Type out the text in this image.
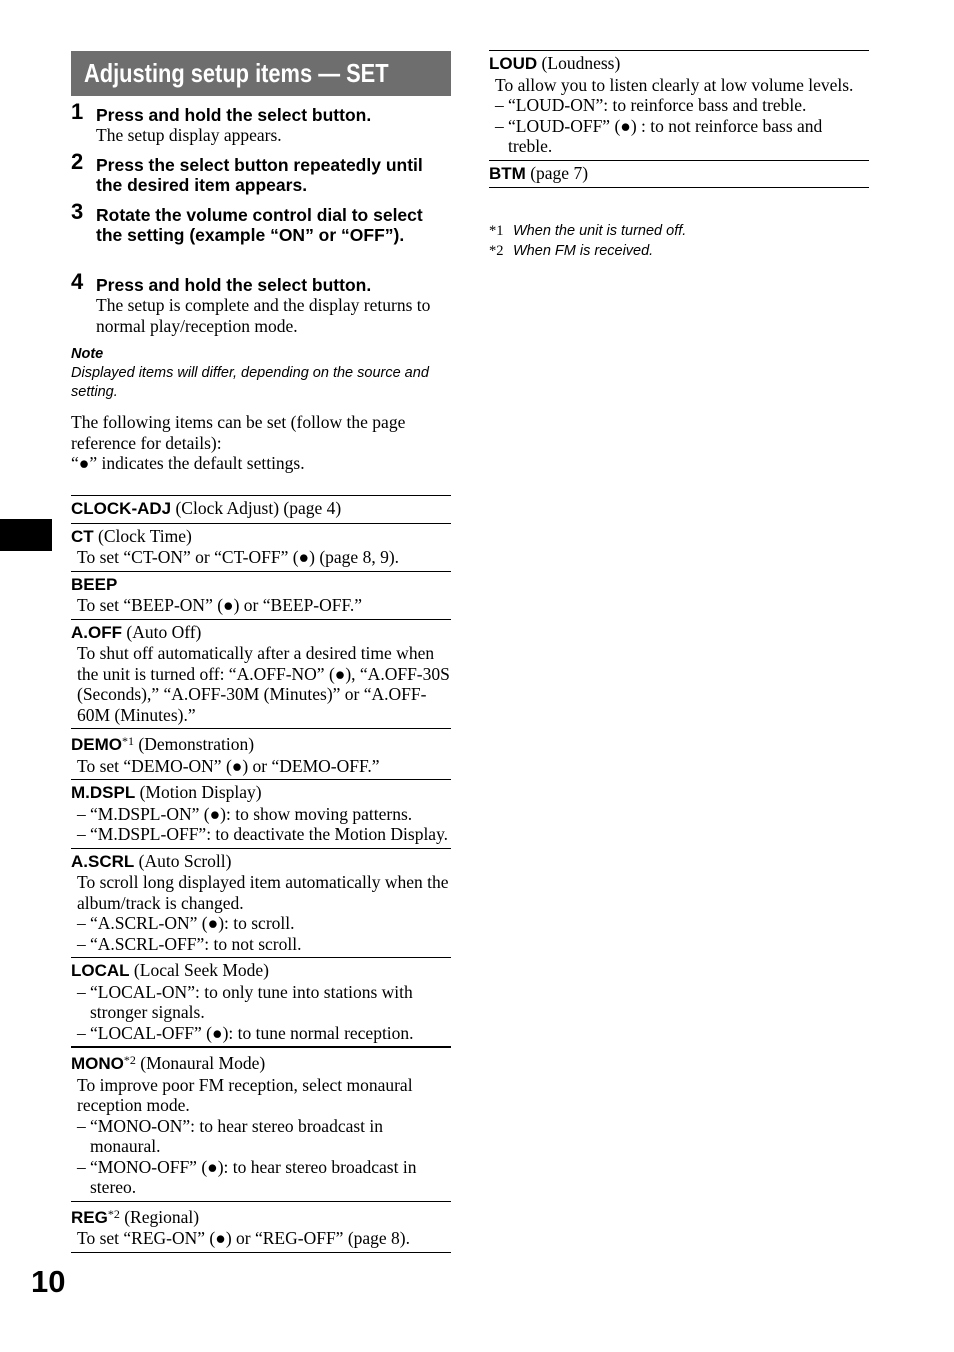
Adjusting setup items — SET
1 Press and hold the select button.
The setup display appears.
2 Press the select button repeatedly until the desired item appears.
3 Rotate the volume control dial to select the setting (example “ON” or “OFF”).
4 Press and hold the select button.
The setup is complete and the display returns to normal play/reception mode.
Note
Displayed items will differ, depending on the source and setting.
The following items can be set (follow the page reference for details):
“●” indicates the default settings.
CLOCK-ADJ (Clock Adjust) (page 4)
CT (Clock Time)
To set “CT-ON” or “CT-OFF” (●) (page 8, 9).
BEEP
To set “BEEP-ON” (●) or “BEEP-OFF.”
A.OFF (Auto Off)
To shut off automatically after a desired time when the unit is turned off: “A.OFF-NO” (●), “A.OFF-30S (Seconds),” “A.OFF-30M (Minutes)” or “A.OFF-60M (Minutes).”
DEMO$^{*1}$ (Demonstration)
To set “DEMO-ON” (●) or “DEMO-OFF.”
M.DSPL (Motion Display)
– “M.DSPL-ON” (●): to show moving patterns.
– “M.DSPL-OFF”: to deactivate the Motion Display.
A.SCRL (Auto Scroll)
To scroll long displayed item automatically when the album/track is changed.
– “A.SCRL-ON” (●): to scroll.
– “A.SCRL-OFF”: to not scroll.
LOCAL (Local Seek Mode)
– “LOCAL-ON”: to only tune into stations with stronger signals.
– “LOCAL-OFF” (●): to tune normal reception.
MONO$^{*2}$ (Monaural Mode)
To improve poor FM reception, select monaural reception mode.
– “MONO-ON”: to hear stereo broadcast in monaural.
– “MONO-OFF” (●): to hear stereo broadcast in stereo.
REG$^{*2}$ (Regional)
To set “REG-ON” (●) or “REG-OFF” (page 8).
LOUD (Loudness)
To allow you to listen clearly at low volume levels.
– “LOUD-ON”: to reinforce bass and treble.
– “LOUD-OFF” (●) : to not reinforce bass and treble.
BTM (page 7)
*1 When the unit is turned off.
*2 When FM is received.
10
